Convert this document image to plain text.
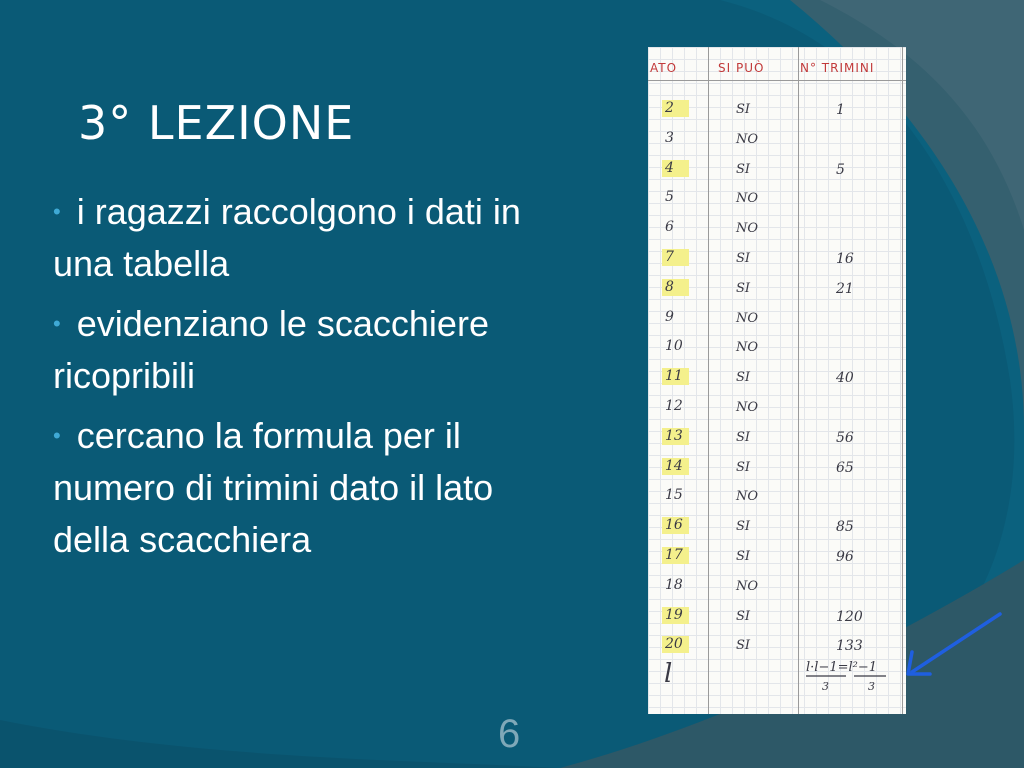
3° LEZIONE
• i ragazzi raccolgono i dati in una tabella
• evidenziano le scacchiere ricopribili
• cercano la formula per il numero di trimini dato il lato della scacchiera
ATO	SI PUÒ	N° TRIMINI
2	SI	1
3	NO
4	SI	5
5	NO
6	NO
7	SI	16
8	SI	21
9	NO
10	NO
11	SI	40
12	NO
13	SI	56
14	SI	65
15	NO
16	SI	85
17	SI	96
18	NO
19	SI	120
20	SI	133
l	l·l−1=l²−1
3	3
6
